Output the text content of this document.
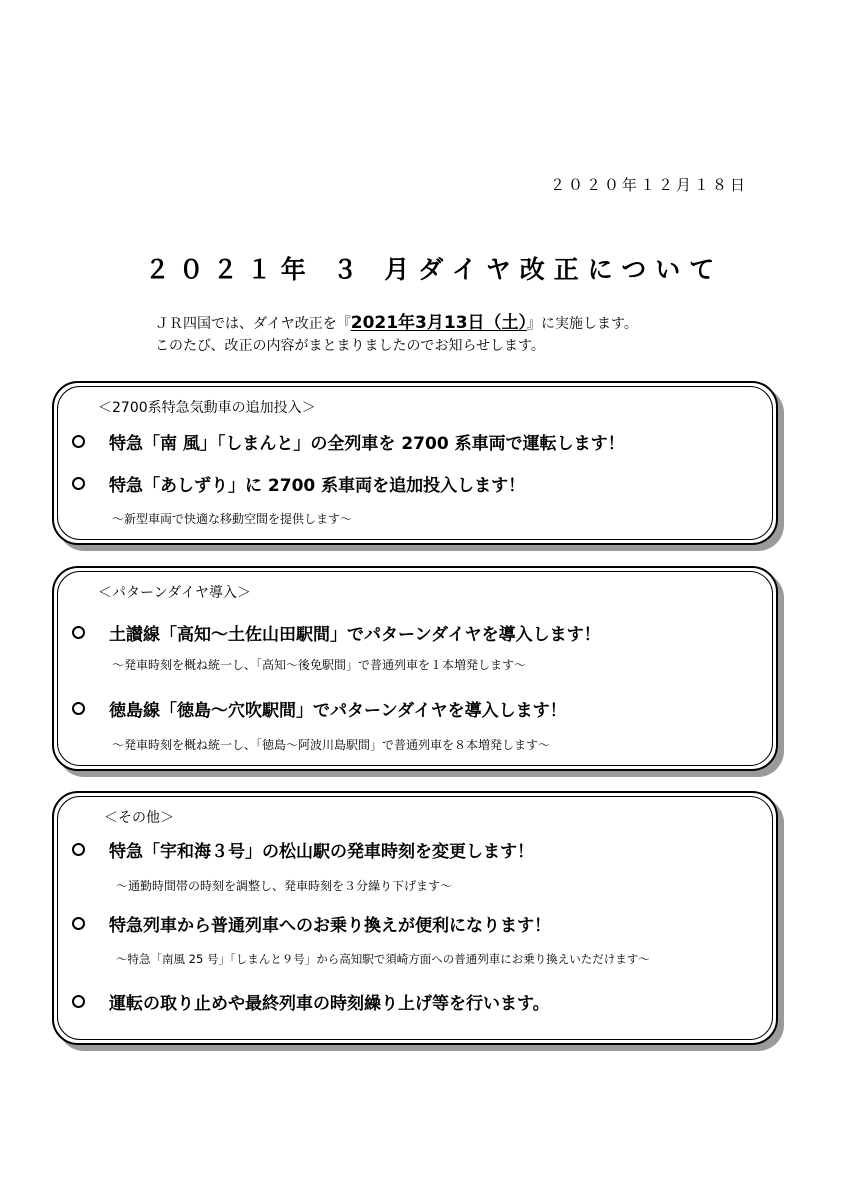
２０２０年１２月１８日
２０２１年 ３ 月ダイヤ改正について
ＪＲ四国では、ダイヤ改正を『2021年3月13日（土）』に実施します。
このたび、改正の内容がまとまりましたのでお知らせします。
＜2700系特急気動車の追加投入＞
特急「南 風」「しまんと」の全列車を 2700 系車両で運転します！
特急「あしずり」に 2700 系車両を追加投入します！
～新型車両で快適な移動空間を提供します～
＜パターンダイヤ導入＞
土讃線「高知～土佐山田駅間」でパターンダイヤを導入します！
～発車時刻を概ね統一し、「高知～後免駅間」で普通列車を１本増発します～
徳島線「徳島～穴吹駅間」でパターンダイヤを導入します！
～発車時刻を概ね統一し、「徳島～阿波川島駅間」で普通列車を８本増発します～
＜その他＞
特急「宇和海３号」の松山駅の発車時刻を変更します！
～通勤時間帯の時刻を調整し、発車時刻を３分繰り下げます～
特急列車から普通列車へのお乗り換えが便利になります！
～特急「南風 25 号」「しまんと９号」から高知駅で須崎方面への普通列車にお乗り換えいただけます～
運転の取り止めや最終列車の時刻繰り上げ等を行います。
